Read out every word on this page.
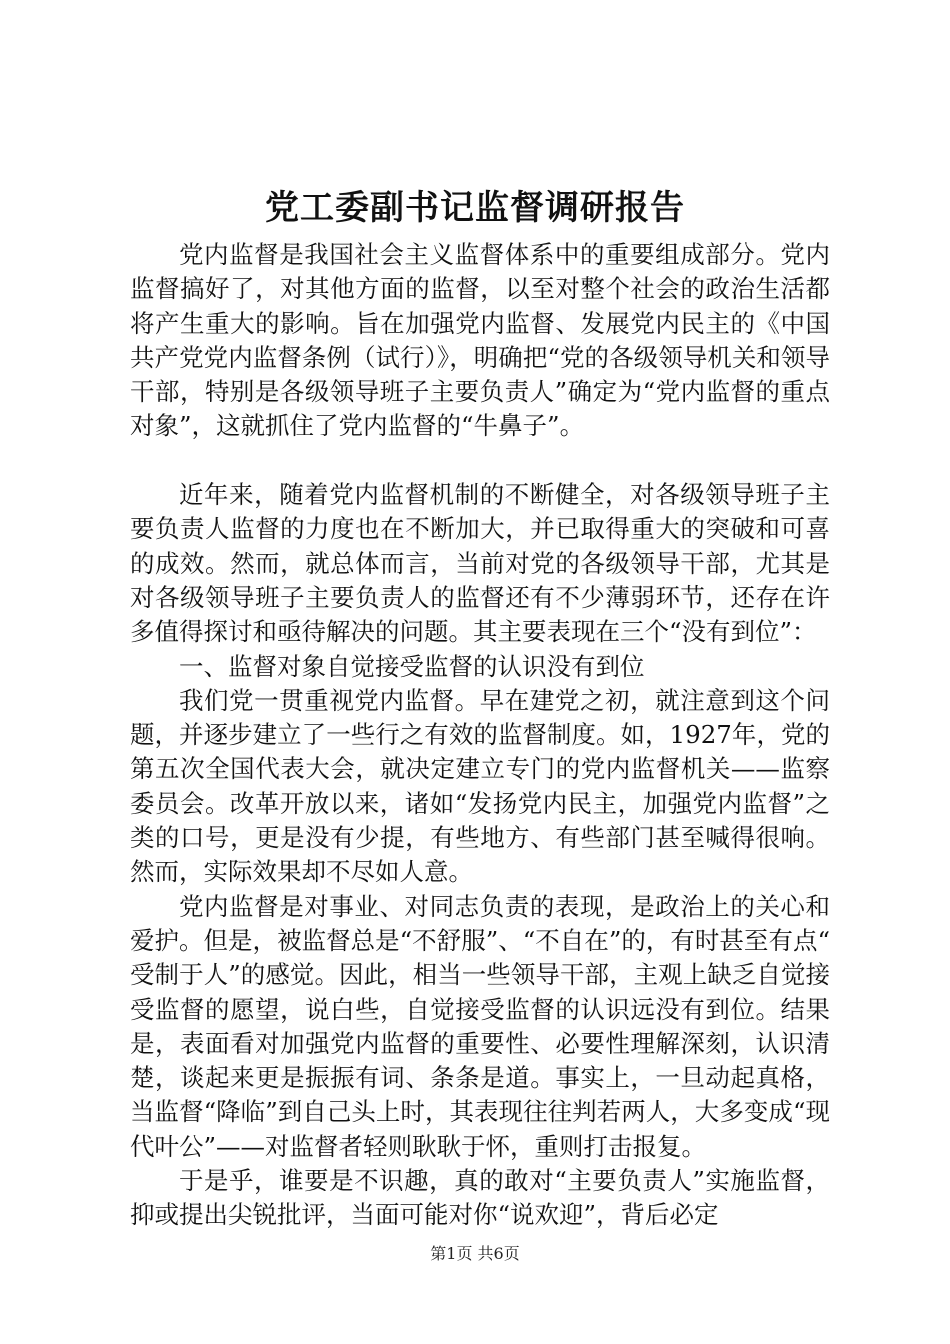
党工委副书记监督调研报告

党内监督是我国社会主义监督体系中的重要组成部分。党内监督搞好了，对其他方面的监督，以至对整个社会的政治生活都将产生重大的影响。旨在加强党内监督、发展党内民主的《中国共产党党内监督条例（试行）》，明确把“党的各级领导机关和领导干部，特别是各级领导班子主要负责人”确定为“党内监督的重点对象”，这就抓住了党内监督的“牛鼻子”。

近年来，随着党内监督机制的不断健全，对各级领导班子主要负责人监督的力度也在不断加大，并已取得重大的突破和可喜的成效。然而，就总体而言，当前对党的各级领导干部，尤其是对各级领导班子主要负责人的监督还有不少薄弱环节，还存在许多值得探讨和亟待解决的问题。其主要表现在三个“没有到位”：

一、监督对象自觉接受监督的认识没有到位

我们党一贯重视党内监督。早在建党之初，就注意到这个问题，并逐步建立了一些行之有效的监督制度。如，1927年，党的第五次全国代表大会，就决定建立专门的党内监督机关——监察委员会。改革开放以来，诸如“发扬党内民主，加强党内监督”之类的口号，更是没有少提，有些地方、有些部门甚至喊得很响。然而，实际效果却不尽如人意。

党内监督是对事业、对同志负责的表现，是政治上的关心和爱护。但是，被监督总是“不舒服”、“不自在”的，有时甚至有点“受制于人”的感觉。因此，相当一些领导干部，主观上缺乏自觉接受监督的愿望，说白些，自觉接受监督的认识远没有到位。结果是，表面看对加强党内监督的重要性、必要性理解深刻，认识清楚，谈起来更是振振有词、条条是道。事实上，一旦动起真格，当监督“降临”到自己头上时，其表现往往判若两人，大多变成“现代叶公”——对监督者轻则耿耿于怀，重则打击报复。

于是乎，谁要是不识趣，真的敢对“主要负责人”实施监督，抑或提出尖锐批评，当面可能对你“说欢迎”，背后必定

第1页 共6页
